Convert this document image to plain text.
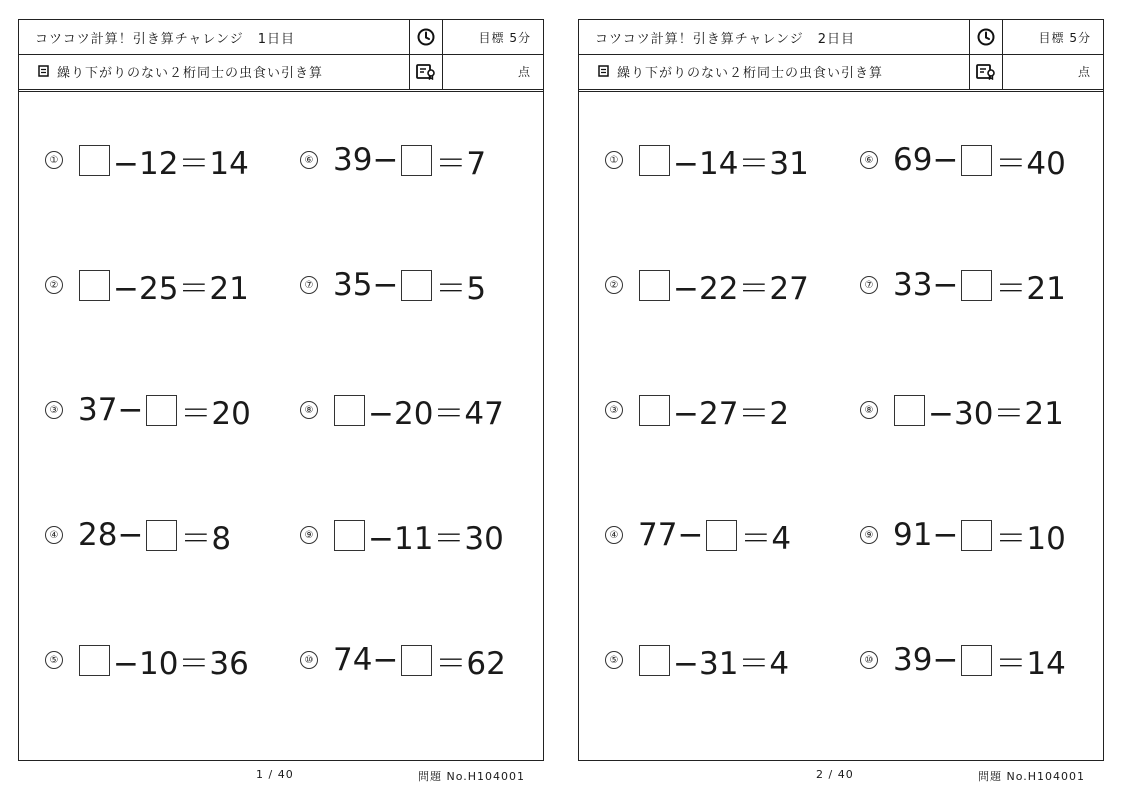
コツコツ計算！引き算チャレンジ　1日目	目標 5分
繰り下がりのない２桁同士の虫食い引き算	点
① −12＝14
② −25＝21
③ 37− ＝20
④ 28− ＝8
⑤ −10＝36
⑥ 39− ＝7
⑦ 35− ＝5
⑧ −20＝47
⑨ −11＝30
⑩ 74− ＝62
コツコツ計算！引き算チャレンジ　2日目	目標 5分
繰り下がりのない２桁同士の虫食い引き算	点
① −14＝31
② −22＝27
③ −27＝2
④ 77− ＝4
⑤ −31＝4
⑥ 69− ＝40
⑦ 33− ＝21
⑧ −30＝21
⑨ 91− ＝10
⑩ 39− ＝14
1 / 40	問題 No.H104001	2 / 40	問題 No.H104001
